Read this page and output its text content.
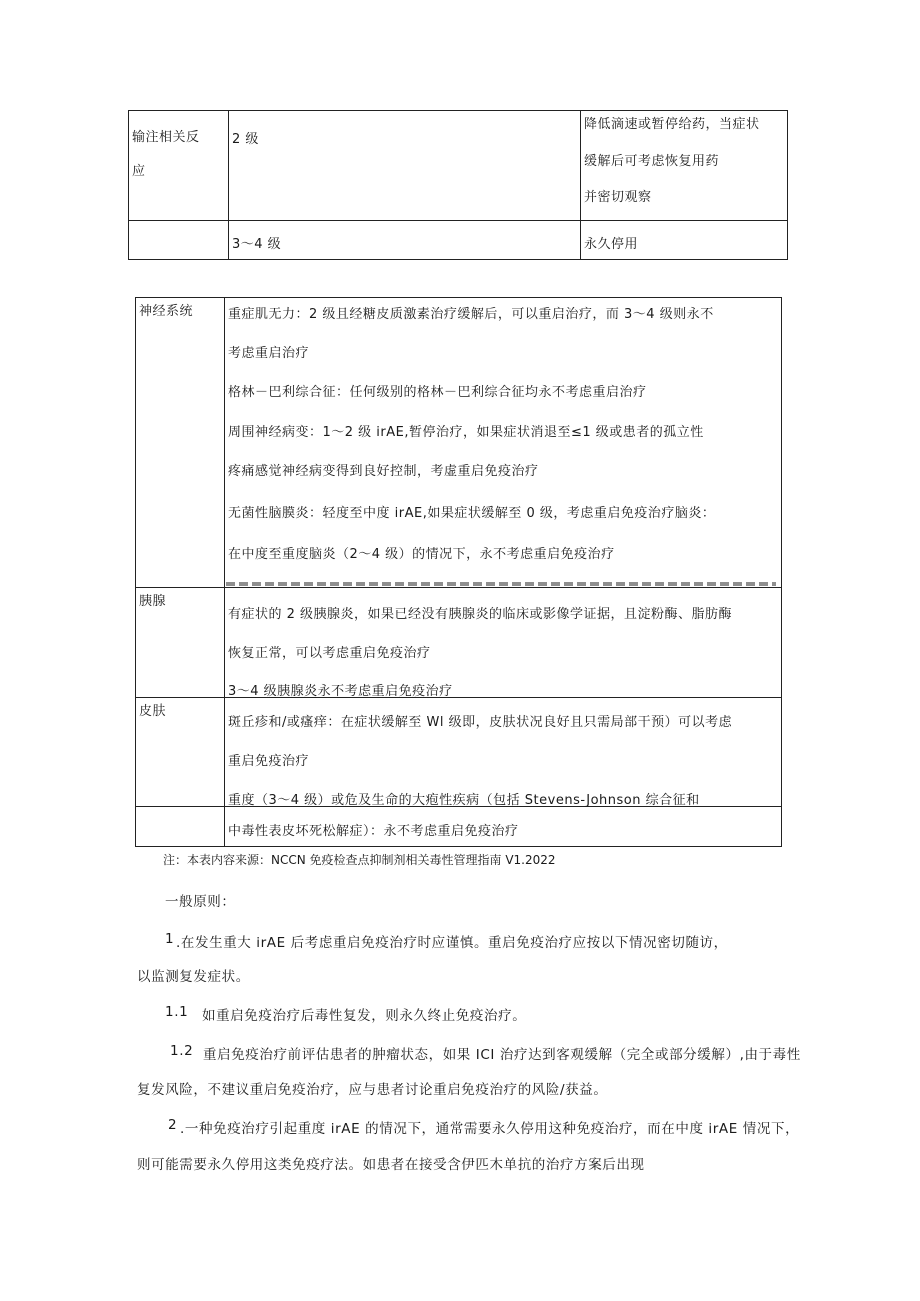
输注相关反
应
2 级
降低滴速或暂停给药，当症状
缓解后可考虑恢复用药
并密切观察
3～4 级	永久停用
神经系统	重症肌无力：2 级且经糖皮质激素治疗缓解后，可以重启治疗，而 3～4 级则永不
考虑重启治疗
格林－巴利综合征：任何级别的格林－巴利综合征均永不考虑重启治疗
周围神经病变：1～2 级 irAE,暂停治疗，如果症状消退至≤1 级或患者的孤立性
疼痛感觉神经病变得到良好控制，考虚重启免疫治疗
无菌性脑膜炎：轻度至中度 irAE,如果症状缓解至 0 级，考虑重启免疫治疗脑炎：
在中度至重度脑炎（2～4 级）的情况下，永不考虑重启免疫治疗
胰腺
有症状的 2 级胰腺炎，如果已经没有胰腺炎的临床或影像学证据，且淀粉酶、脂肪酶
恢复正常，可以考虑重启免疫治疗
3～4 级胰腺炎永不考虑重启免疫治疗
皮肤
斑丘疹和/或瘙痒：在症状缓解至 Wl 级即，皮肤状况良好且只需局部干预）可以考虑
重启免疫治疗
重度（3～4 级）或危及生命的大疱性疾病（包括 Stevens-Johnson 综合征和
中毒性表皮坏死松解症）：永不考虑重启免疫治疗
注：本表内容来源：NCCN 免疫检查点抑制剂相关毒性管理指南 V1.2022
一般原则：
1 .在发生重大 irAE 后考虑重启免疫治疗时应谨慎。重启免疫治疗应按以下情况密切随访，
以监测复发症状。
1.1 如重启免疫治疗后毒性复发，则永久终止免疫治疗。
1.2 重启免疫治疗前评估患者的肿瘤状态，如果 ICI 治疗达到客观缓解（完全或部分缓解）,由于毒性
复发风险，不建议重启免疫治疗，应与患者讨论重启免疫治疗的风险/获益。
2 .一种免疫治疗引起重度 irAE 的情况下，通常需要永久停用这种免疫治疗，而在中度 irAE 情况下，
则可能需要永久停用这类免疫疗法。如患者在接受含伊匹木单抗的治疗方案后出现
